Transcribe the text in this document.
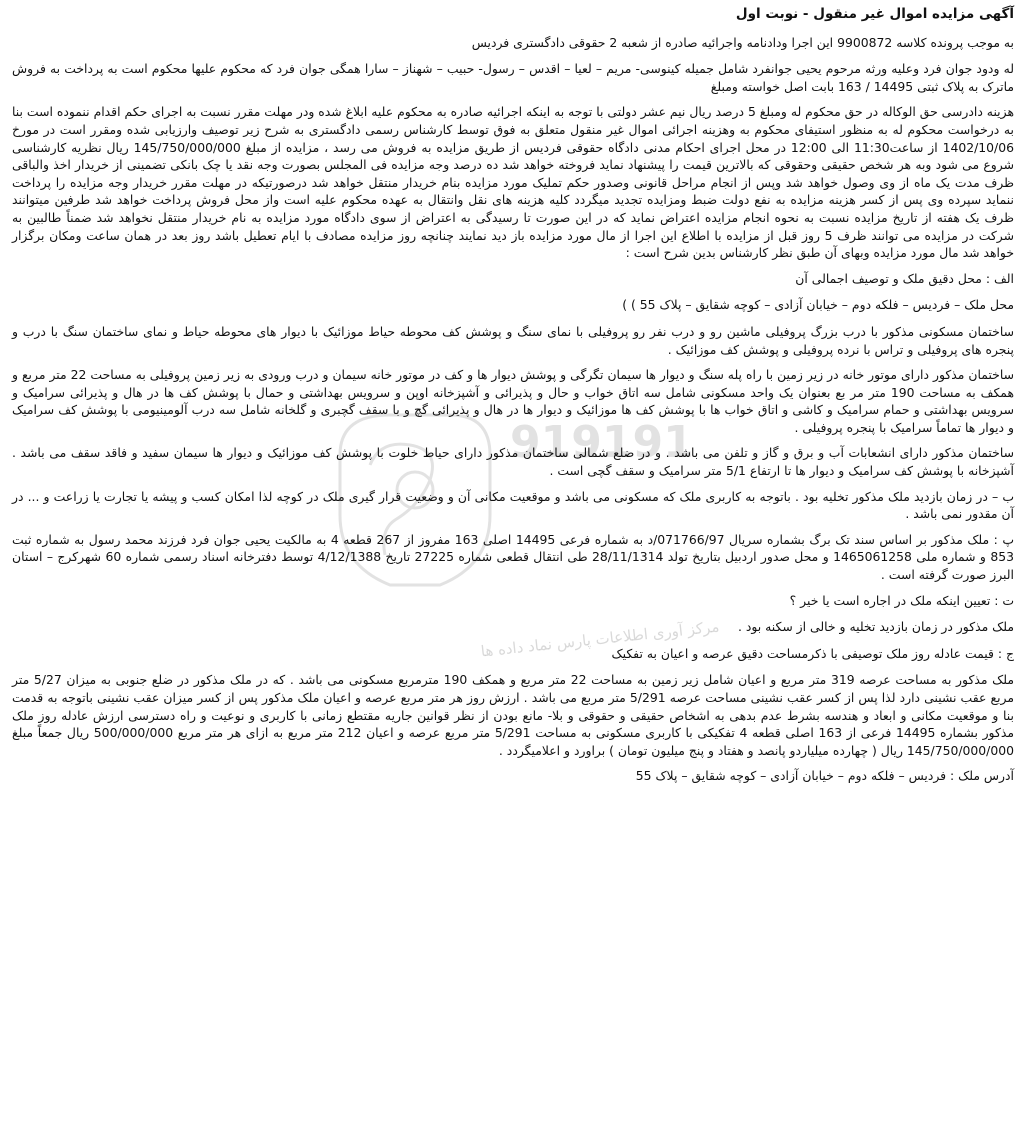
آگهی مزایده اموال غیر منقول - نوبت اول

به موجب پرونده کلاسه 9900872 این اجرا ودادنامه واجرائیه صادره از شعبه 2 حقوقی دادگستری فردیس

له ودود جوان فرد وعلیه ورثه مرحوم یحیی جوانفرد شامل جمیله کینوسی- مریم – لعیا – اقدس – رسول- حبیب – شهناز – سارا همگی جوان فرد که محکوم علیها محکوم است به پرداخت به فروش ماترک به پلاک ثبتی 14495 / 163 بابت اصل خواسته ومبلغ

هزینه دادرسی حق الوکاله در حق محکوم له ومبلغ 5 درصد ریال نیم عشر دولتی با توجه به اینکه اجرائیه صادره به محکوم علیه ابلاغ شده ودر مهلت مقرر نسبت به اجرای حکم اقدام ننموده است بنا به درخواست محکوم له به منظور استیفای محکوم به وهزینه اجرائی اموال غیر منقول متعلق به فوق توسط کارشناس رسمی دادگستری به شرح زیر توصیف وارزیابی شده ومقرر است در مورخ 1402/10/06 از ساعت11:30 الی 12:00 در محل اجرای احکام مدنی دادگاه حقوقی فردیس از طریق مزایده به فروش می رسد ، مزایده از مبلغ 145/750/000/000 ریال نظریه کارشناسی شروع می شود وبه هر شخص حقیقی وحقوقی که بالاترین قیمت را پیشنهاد نماید فروخته خواهد شد ده درصد وجه مزایده فی المجلس بصورت وجه نقد یا چک بانکی تضمینی از خریدار اخذ والباقی ظرف مدت یک ماه از وی وصول خواهد شد وپس از انجام مراحل قانونی وصدور حکم تملیک مورد مزایده بنام خریدار منتقل خواهد شد درصورتیکه در مهلت مقرر خریدار وجه مزایده را پرداخت ننماید سپرده وی پس از کسر هزینه مزایده به نفع دولت ضبط ومزایده تجدید میگردد کلیه هزینه های نقل وانتقال به عهده محکوم علیه است واز محل فروش پرداخت خواهد شد طرفین میتوانند ظرف یک هفته از تاریخ مزایده نسبت به نحوه انجام مزایده اعتراض نماید که در این صورت تا رسیدگی به اعتراض از سوی دادگاه مورد مزایده به نام خریدار منتقل نخواهد شد ضمناً طالبین به شرکت در مزایده می توانند ظرف 5 روز قبل از مزایده با اطلاع این اجرا از مال مورد مزایده باز دید نمایند چنانچه روز مزایده مصادف با ایام تعطیل باشد روز بعد در همان ساعت ومکان برگزار خواهد شد مال مورد مزایده وبهای آن طبق نظر کارشناس بدین شرح است :

الف : محل دقیق ملک و توصیف اجمالی آن

محل ملک – فردیس – فلکه دوم – خیابان آزادی – کوچه شقایق – پلاک 55 ) )

ساختمان مسکونی مذکور با درب بزرگ پروفیلی ماشین رو و درب نفر رو پروفیلی با نمای سنگ و پوشش کف محوطه حیاط موزائیک با دیوار های محوطه حیاط و نمای ساختمان سنگ با درب و پنجره های پروفیلی و تراس با نرده پروفیلی و پوشش کف موزائیک .

ساختمان مذکور دارای موتور خانه در زیر زمین با راه پله سنگ و دیوار ها سیمان تگرگی و پوشش دیوار ها و کف در موتور خانه سیمان و درب ورودی به زیر زمین پروفیلی به مساحت 22 متر مربع و همکف به مساحت 190 متر مر بع بعنوان یک واحد مسکونی شامل سه اتاق خواب و حال و پذیرائی و آشپزخانه اوپن و سرویس بهداشتی و حمال با پوشش کف ها در هال و پذیرائی سرامیک و سرویس بهداشتی و حمام سرامیک و کاشی و اتاق خواب ها با پوشش کف ها موزائیک و دیوار ها در هال و پذیرائی گچ و با سقف گچبری و گلخانه شامل سه درب آلومینیومی با پوشش کف سرامیک و دیوار ها تماماً سرامیک با پنجره پروفیلی .

ساختمان مذکور دارای انشعابات آب و برق و گاز و تلفن می باشد . و در ضلع شمالی ساختمان مذکور دارای حیاط خلوت با پوشش کف موزائیک و دیوار ها سیمان سفید و فاقد سقف می باشد . آشپزخانه با پوشش کف سرامیک و دیوار ها تا ارتفاع 5/1 متر سرامیک و سقف گچی است .

ب – در زمان بازدید ملک مذکور تخلیه بود . باتوجه به کاربری ملک که مسکونی می باشد و موقعیت مکانی آن و وضعیت قرار گیری ملک در کوچه لذا امکان کسب و پیشه یا تجارت یا زراعت و ... در آن مقدور نمی باشد .

پ : ملک مذکور بر اساس سند تک برگ بشماره سریال 071766/97/د به شماره فرعی 14495 اصلی 163 مفروز از 267 قطعه 4 به مالکیت یحیی جوان فرد فرزند محمد رسول به شماره ثبت 853 و شماره ملی 1465061258 و محل صدور اردبیل بتاریخ تولد 28/11/1314 طی انتقال قطعی شماره 27225 تاریخ 4/12/1388 توسط دفترخانه اسناد رسمی شماره 60 شهرکرج – استان البرز صورت گرفته است .

ت : تعیین اینکه ملک در اجاره است یا خیر ؟

ملک مذکور در زمان بازدید تخلیه و خالی از سکنه بود .

ج : قیمت عادله روز ملک توصیفی با ذکرمساحت دقیق عرصه و اعیان به تفکیک

ملک مذکور به مساحت عرصه 319 متر مربع و اعیان شامل زیر زمین به مساحت 22 متر مربع و همکف 190 مترمربع مسکونی می باشد . که در ملک مذکور در ضلع جنوبی به میزان 5/27 متر مربع عقب نشینی دارد لذا پس از کسر عقب نشینی مساحت عرصه 5/291 متر مربع می باشد . ارزش روز هر متر مربع عرصه و اعیان ملک مذکور پس از کسر میزان عقب نشینی باتوجه به قدمت بنا و موقعیت مکانی و ابعاد و هندسه بشرط عدم بدهی به اشخاص حقیقی و حقوقی و بلا- مانع بودن از نظر قوانین جاریه مقتطع زمانی با کاربری و نوعیت و راه دسترسی ارزش عادله روز ملک مذکور بشماره 14495 فرعی از 163 اصلی قطعه 4 تفکیکی با کاربری مسکونی به مساحت 5/291 متر مربع عرصه و اعیان 212 متر مربع به ازای هر متر مربع 500/000/000 ریال جمعاً مبلغ 145/750/000/000 ریال ( چهارده میلیاردو پانصد و هفتاد و پنج میلیون تومان ) براورد و اعلامیگردد .

آدرس ملک : فردیس – فلکه دوم – خیابان آزادی – کوچه شقایق – پلاک 55

919191
مرکز آوری اطلاعات پارس نماد داده ها
